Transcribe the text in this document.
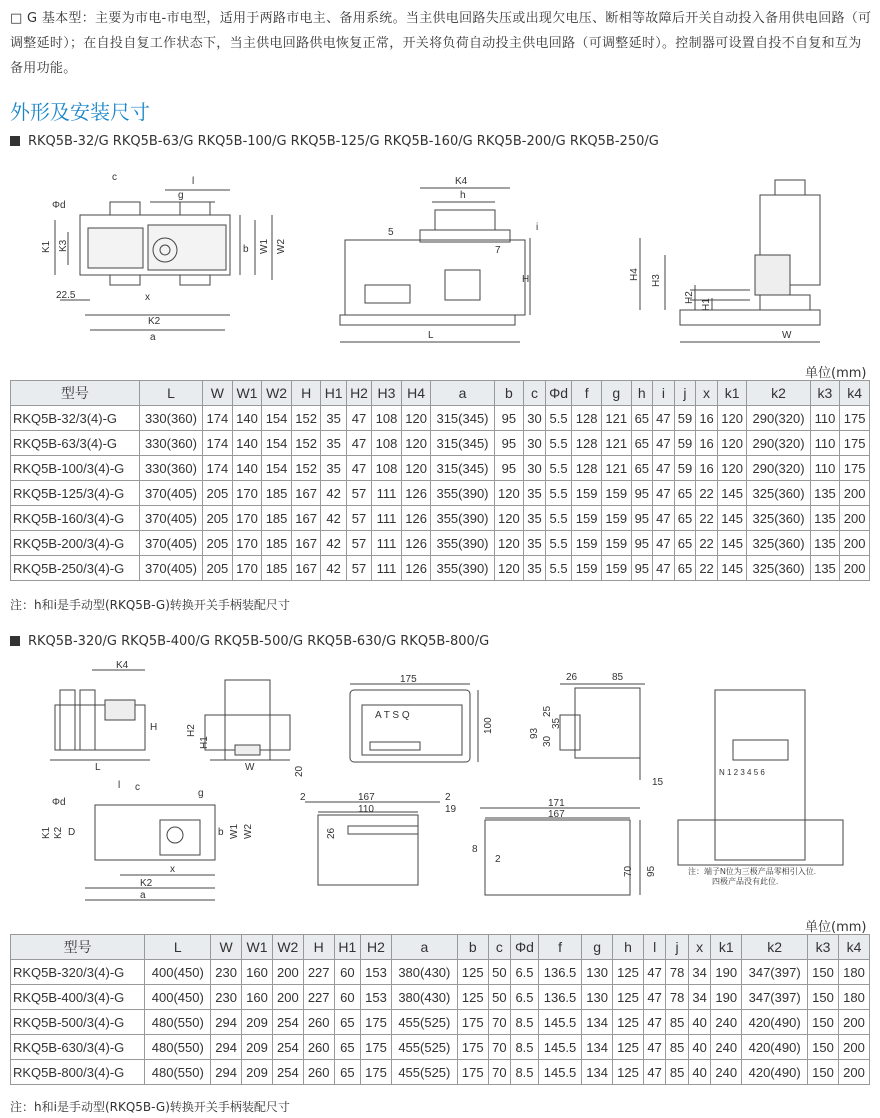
□ G 基本型：主要为市电-市电型，适用于两路市电主、备用系统。当主供电回路失压或出现欠电压、断相等故障后开关自动投入备用供电回路（可调整延时）；在自投自复工作状态下，当主供电回路供电恢复正常，开关将负荷自动投主供电回路（可调整延时）。控制器可设置自投不自复和互为备用功能。
外形及安装尺寸
RKQ5B-32/G RKQ5B-63/G RKQ5B-100/G RKQ5B-125/G RKQ5B-160/G RKQ5B-200/G RKQ5B-250/G
K1 K3
c	l
g
Φd
b W1 W2
22.5	x
K2
a
K4
h
5
7
i
H
L
H4 H3
H2
H1
W
单位(mm)
型号	L	W	W1	W2	H	H1	H2	H3	H4	a	b	c	Φd	f	g	h	i	j	x	k1	k2	k3	k4
RKQ5B-32/3(4)-G	330(360)	174	140	154	152	35	47	108	120	315(345)	95	30	5.5	128	121	65	47	59	16	120	290(320)	110	175
RKQ5B-63/3(4)-G	330(360)	174	140	154	152	35	47	108	120	315(345)	95	30	5.5	128	121	65	47	59	16	120	290(320)	110	175
RKQ5B-100/3(4)-G	330(360)	174	140	154	152	35	47	108	120	315(345)	95	30	5.5	128	121	65	47	59	16	120	290(320)	110	175
RKQ5B-125/3(4)-G	370(405)	205	170	185	167	42	57	111	126	355(390)	120	35	5.5	159	159	95	47	65	22	145	325(360)	135	200
RKQ5B-160/3(4)-G	370(405)	205	170	185	167	42	57	111	126	355(390)	120	35	5.5	159	159	95	47	65	22	145	325(360)	135	200
RKQ5B-200/3(4)-G	370(405)	205	170	185	167	42	57	111	126	355(390)	120	35	5.5	159	159	95	47	65	22	145	325(360)	135	200
RKQ5B-250/3(4)-G	370(405)	205	170	185	167	42	57	111	126	355(390)	120	35	5.5	159	159	95	47	65	22	145	325(360)	135	200
注：h和i是手动型(RKQ5B-G)转换开关手柄装配尺寸
RKQ5B-320/G RKQ5B-400/G RKQ5B-500/G RKQ5B-630/G RKQ5B-800/G
K4
H
L
H2
H1
W	20
175
100
A T S Q
26	85
93
30
25
35
15
N 1 2 3 4 5 6
Φd
l c
g
K1 K2 D	b W1 W2
x
K2
a
2	167
110
2
19
26
171
167
8
2
70 95	注：端子N位为三极产品零相引入位.
四极产品没有此位.
单位(mm)
型号	L	W	W1	W2	H	H1	H2	a	b	c	Φd	f	g	h	l	j	x	k1	k2	k3	k4
RKQ5B-320/3(4)-G	400(450)	230	160	200	227	60	153	380(430)	125	50	6.5	136.5	130	125	47	78	34	190	347(397)	150	180
RKQ5B-400/3(4)-G	400(450)	230	160	200	227	60	153	380(430)	125	50	6.5	136.5	130	125	47	78	34	190	347(397)	150	180
RKQ5B-500/3(4)-G	480(550)	294	209	254	260	65	175	455(525)	175	70	8.5	145.5	134	125	47	85	40	240	420(490)	150	200
RKQ5B-630/3(4)-G	480(550)	294	209	254	260	65	175	455(525)	175	70	8.5	145.5	134	125	47	85	40	240	420(490)	150	200
RKQ5B-800/3(4)-G	480(550)	294	209	254	260	65	175	455(525)	175	70	8.5	145.5	134	125	47	85	40	240	420(490)	150	200
注：h和i是手动型(RKQ5B-G)转换开关手柄装配尺寸
